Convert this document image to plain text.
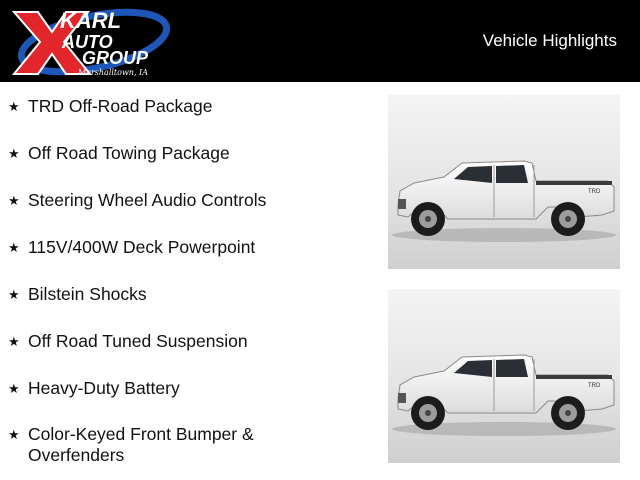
KARL
AUTO
GROUP
Marshalltown, IA
Vehicle Highlights
★ TRD Off-Road Package
★ Off Road Towing Package
★ Steering Wheel Audio Controls
★ 115V/400W Deck Powerpoint
★ Bilstein Shocks
★ Off Road Tuned Suspension
★ Heavy-Duty Battery
★ Color-Keyed Front Bumper & Overfenders
TRD
TRD
